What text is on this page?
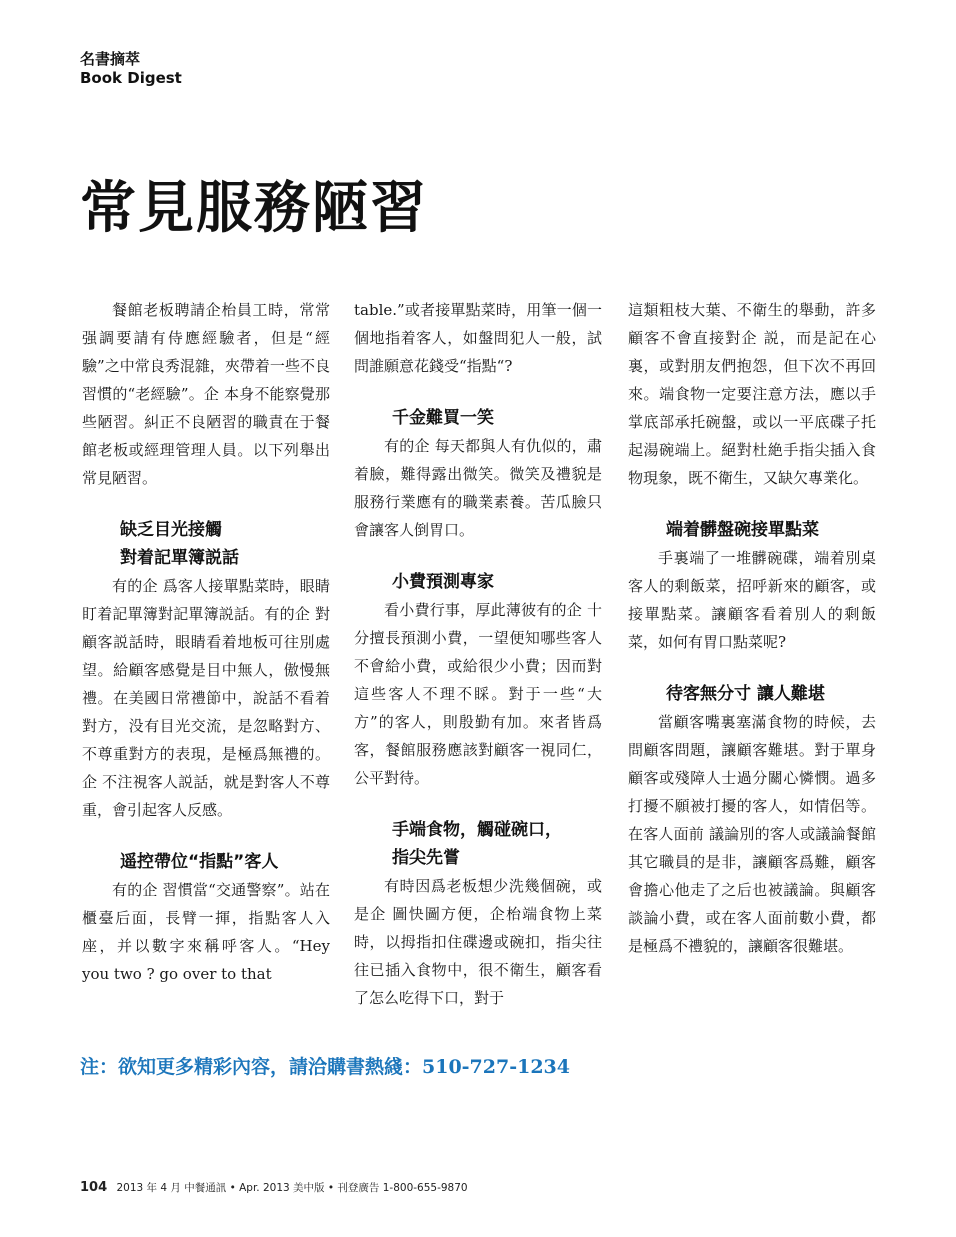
名書摘萃
Book Digest
常見服務陋習

餐館老板聘請企枱員工時，常常强調要請有侍應經驗者，但是“經驗”之中常良秀混雜，夾帶着一些不良習慣的“老經驗”。企 本身不能察覺那些陋習。糾正不良陋習的職責在于餐館老板或經理管理人員。以下列舉出常見陋習。

缺乏目光接觸
對着記單簿説話

有的企 爲客人接單點菜時，眼睛盯着記單簿對記單簿説話。有的企 對顧客説話時，眼睛看着地板可往別處望。給顧客感覺是目中無人，傲慢無禮。在美國日常禮節中，說話不看着對方，没有目光交流，是忽略對方、不尊重對方的表現，是極爲無禮的。企 不注視客人説話，就是對客人不尊重，會引起客人反感。

遥控帶位“指點”客人

有的企 習慣當“交通警察”。站在櫃臺后面，長臂一揮，指點客人入座，并以數字來稱呼客人。“Hey you two ? go over to that

table.”或者接單點菜時，用筆一個一個地指着客人，如盤問犯人一般，試問誰願意花錢受“指點“?

千金難買一笑

有的企 每天都與人有仇似的，肅着臉，難得露出微笑。微笑及禮貌是服務行業應有的職業素養。苦瓜臉只會讓客人倒胃口。

小費預測專家

看小費行事，厚此薄彼有的企 十分擅長預測小費，一望便知哪些客人不會給小費，或給很少小費；因而對這些客人不理不睬。對于一些“大方”的客人，則殷勤有加。來者皆爲客，餐館服務應該對顧客一視同仁，公平對待。

手端食物，觸碰碗口，
指尖先嘗

有時因爲老板想少洗幾個碗，或是企 圖快圖方便，企枱端食物上菜時，以拇指扣住碟邊或碗扣，指尖往往已插入食物中，很不衛生，顧客看了怎么吃得下口，對于

這類粗枝大葉、不衛生的舉動，許多顧客不會直接對企 説，而是記在心裏，或對朋友們抱怨，但下次不再回來。端食物一定要注意方法，應以手掌底部承托碗盤，或以一平底碟子托起湯碗端上。絕對杜絶手指尖插入食物現象，既不衛生，又缺欠專業化。

端着髒盤碗接單點菜

手裏端了一堆髒碗碟，端着別桌客人的剩飯菜，招呼新來的顧客，或接單點菜。讓顧客看着別人的剩飯菜，如何有胃口點菜呢?

待客無分寸 讓人難堪

當顧客嘴裏塞滿食物的時候，去問顧客問題，讓顧客難堪。對于單身顧客或殘障人士過分關心憐憫。過多打擾不願被打擾的客人，如情侶等。在客人面前 議論別的客人或議論餐館其它職員的是非，讓顧客爲難，顧客會擔心他走了之后也被議論。與顧客談論小費，或在客人面前數小費，都是極爲不禮貌的，讓顧客很難堪。

注：欲知更多精彩內容，請洽購書熱綫：510-727-1234
104 2013 年 4 月 中餐通訊 • Apr. 2013 美中版 • 刊登廣告 1-800-655-9870
